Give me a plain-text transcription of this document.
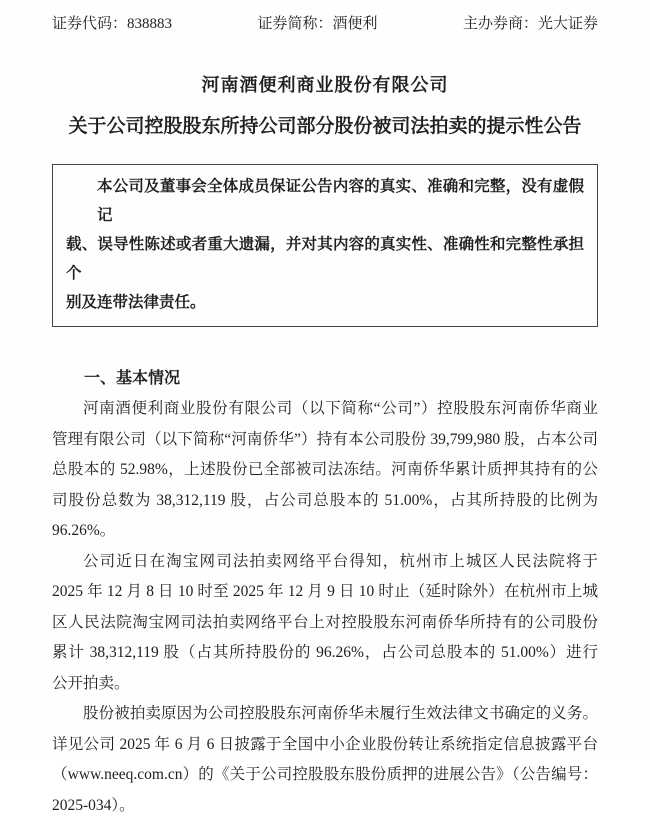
证券代码：838883	证券简称：酒便利	主办券商：光大证券
河南酒便利商业股份有限公司
关于公司控股股东所持公司部分股份被司法拍卖的提示性公告
本公司及董事会全体成员保证公告内容的真实、准确和完整，没有虚假记
载、误导性陈述或者重大遗漏，并对其内容的真实性、准确性和完整性承担个
别及连带法律责任。
一、基本情况
河南酒便利商业股份有限公司（以下简称“公司”）控股股东河南侨华商业
管理有限公司（以下简称“河南侨华”）持有本公司股份 39,799,980 股，占本公司
总股本的 52.98%，上述股份已全部被司法冻结。河南侨华累计质押其持有的公
司股份总数为 38,312,119 股，占公司总股本的 51.00%，占其所持股的比例为
96.26%。
公司近日在淘宝网司法拍卖网络平台得知，杭州市上城区人民法院将于
2025 年 12 月 8 日 10 时至 2025 年 12 月 9 日 10 时止（延时除外）在杭州市上城
区人民法院淘宝网司法拍卖网络平台上对控股股东河南侨华所持有的公司股份
累计 38,312,119 股（占其所持股份的 96.26%，占公司总股本的 51.00%）进行
公开拍卖。
股份被拍卖原因为公司控股股东河南侨华未履行生效法律文书确定的义务。
详见公司 2025 年 6 月 6 日披露于全国中小企业股份转让系统指定信息披露平台
（www.neeq.com.cn）的《关于公司控股股东股份质押的进展公告》（公告编号：
2025-034）。
